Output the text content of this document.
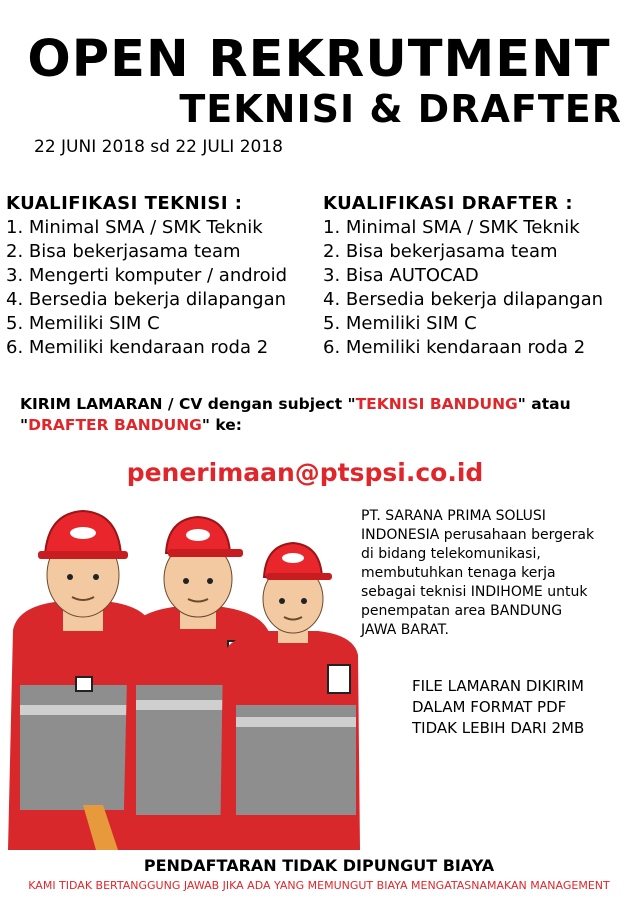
OPEN REKRUTMENT
TEKNISI & DRAFTER
22 JUNI 2018 sd 22 JULI 2018
KUALIFIKASI TEKNISI :
1. Minimal SMA / SMK Teknik
2. Bisa bekerjasama team
3. Mengerti komputer / android
4. Bersedia bekerja dilapangan
5. Memiliki SIM C
6. Memiliki kendaraan roda 2
KUALIFIKASI DRAFTER :
1. Minimal SMA / SMK Teknik
2. Bisa bekerjasama team
3. Bisa AUTOCAD
4. Bersedia bekerja dilapangan
5. Memiliki SIM C
6. Memiliki kendaraan roda 2
KIRIM LAMARAN / CV dengan subject "TEKNISI BANDUNG" atau
"DRAFTER BANDUNG" ke:
penerimaan@ptspsi.co.id
PT. SARANA PRIMA SOLUSI
INDONESIA perusahaan bergerak
di bidang telekomunikasi,
membutuhkan tenaga kerja
sebagai teknisi INDIHOME untuk
penempatan area BANDUNG
JAWA BARAT.
FILE LAMARAN DIKIRIM
DALAM FORMAT PDF
TIDAK LEBIH DARI 2MB
PENDAFTARAN TIDAK DIPUNGUT BIAYA
KAMI TIDAK BERTANGGUNG JAWAB JIKA ADA YANG MEMUNGUT BIAYA MENGATASNAMAKAN MANAGEMENT
